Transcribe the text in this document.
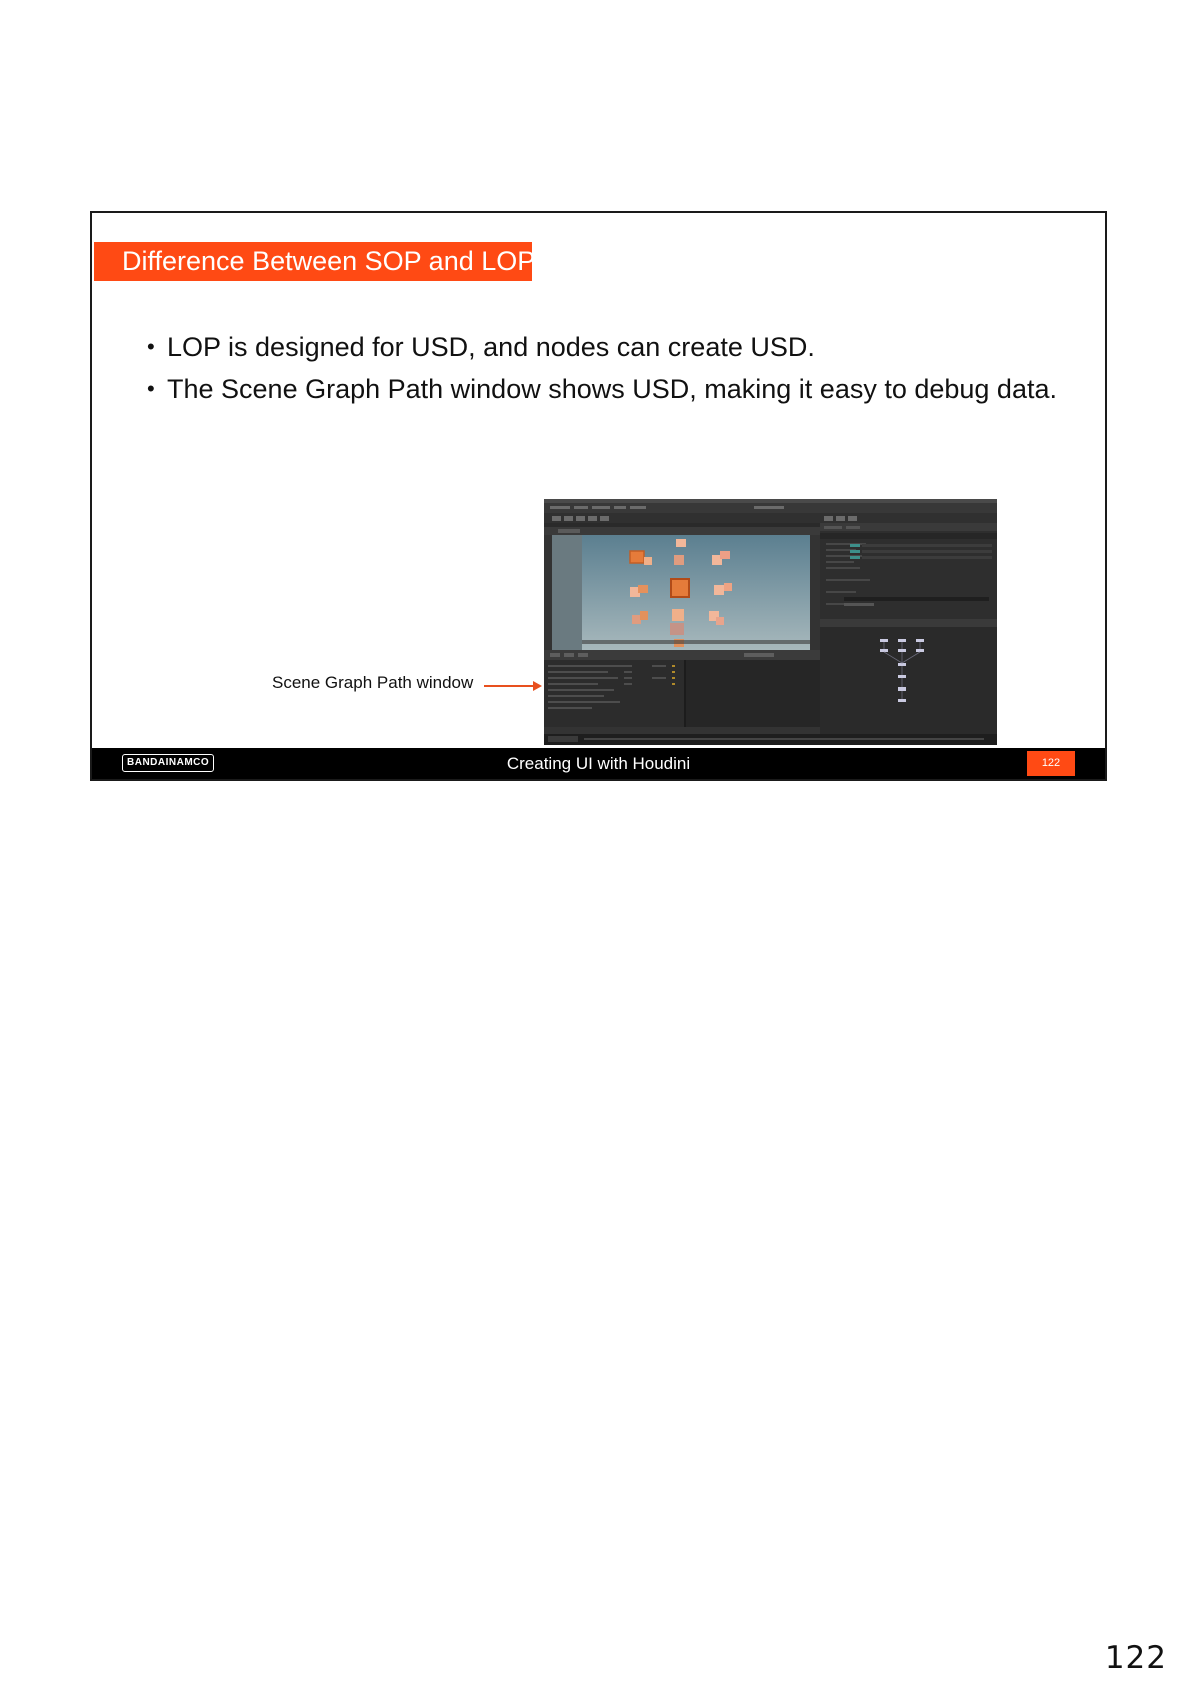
Difference Between SOP and LOP
• LOP is designed for USD, and nodes can create USD.
• The Scene Graph Path window shows USD, making it easy to debug data.
Scene Graph Path window
BANDAINAMCO	Creating UI with Houdini	122
122
